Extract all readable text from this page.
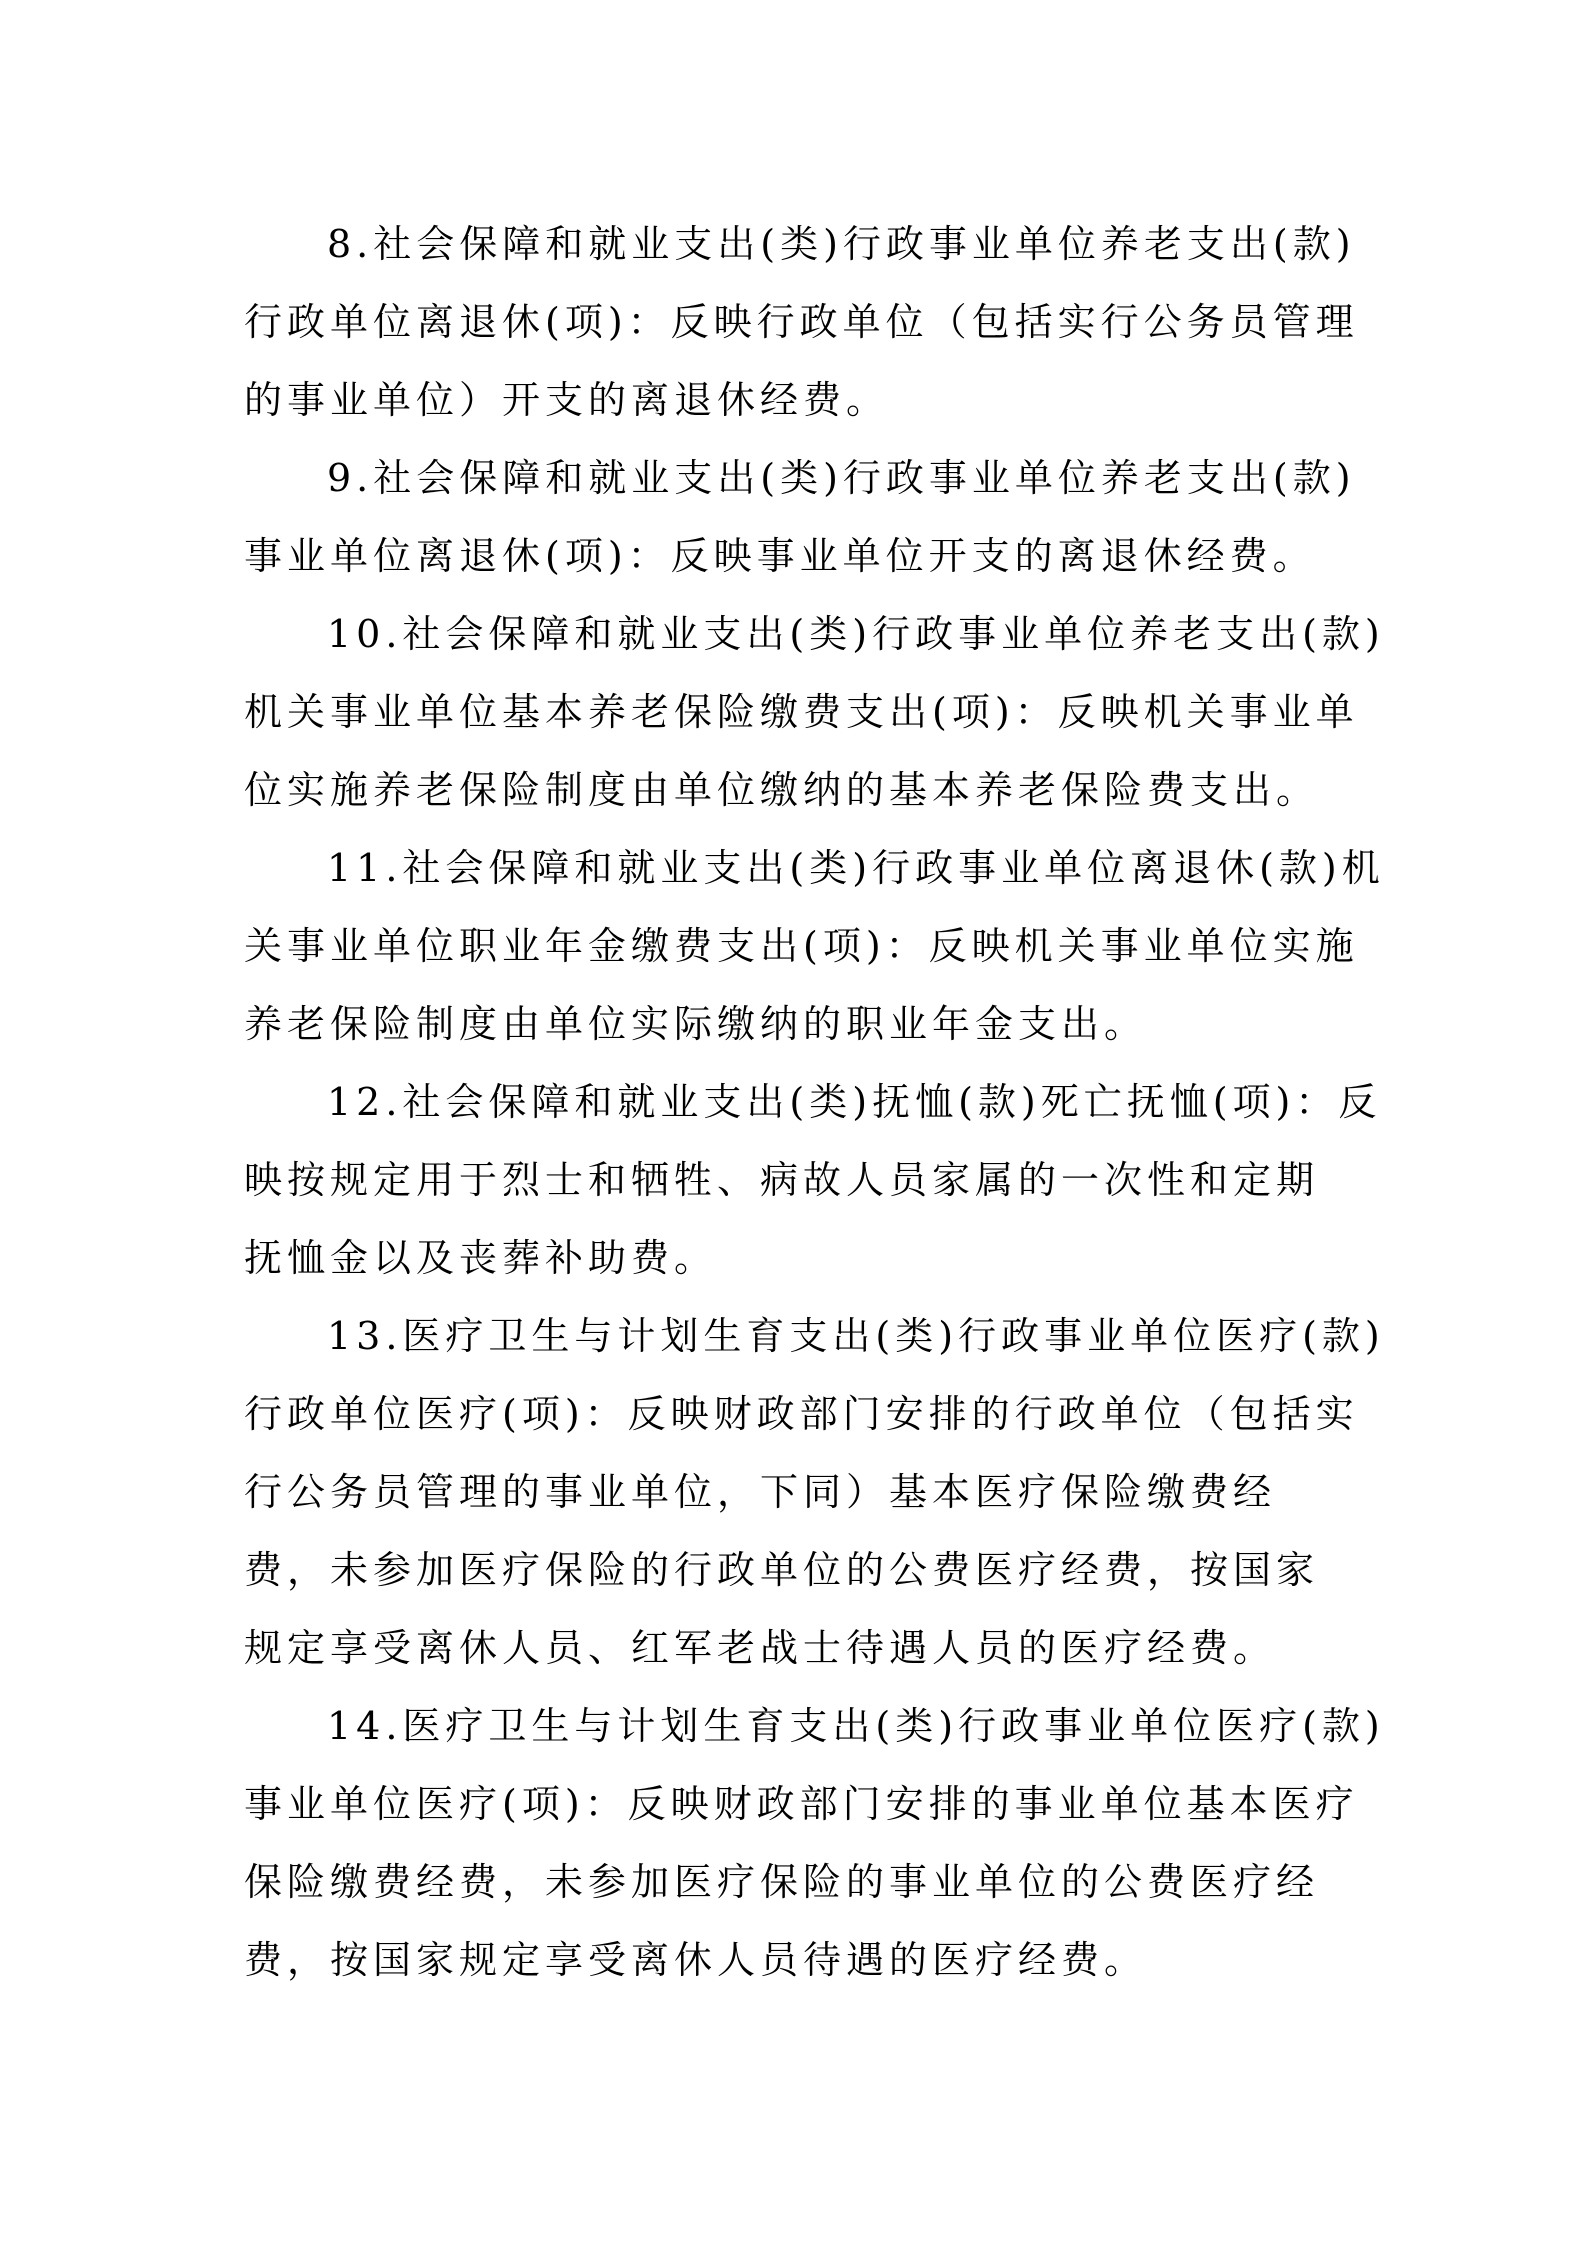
8.社会保障和就业支出(类)行政事业单位养老支出(款)
行政单位离退休(项)：反映行政单位（包括实行公务员管理
的事业单位）开支的离退休经费。
9.社会保障和就业支出(类)行政事业单位养老支出(款)
事业单位离退休(项)：反映事业单位开支的离退休经费。
10.社会保障和就业支出(类)行政事业单位养老支出(款)
机关事业单位基本养老保险缴费支出(项)：反映机关事业单
位实施养老保险制度由单位缴纳的基本养老保险费支出。
11.社会保障和就业支出(类)行政事业单位离退休(款)机
关事业单位职业年金缴费支出(项)：反映机关事业单位实施
养老保险制度由单位实际缴纳的职业年金支出。
12.社会保障和就业支出(类)抚恤(款)死亡抚恤(项)：反
映按规定用于烈士和牺牲、病故人员家属的一次性和定期
抚恤金以及丧葬补助费。
13.医疗卫生与计划生育支出(类)行政事业单位医疗(款)
行政单位医疗(项)：反映财政部门安排的行政单位（包括实
行公务员管理的事业单位，下同）基本医疗保险缴费经
费，未参加医疗保险的行政单位的公费医疗经费，按国家
规定享受离休人员、红军老战士待遇人员的医疗经费。
14.医疗卫生与计划生育支出(类)行政事业单位医疗(款)
事业单位医疗(项)：反映财政部门安排的事业单位基本医疗
保险缴费经费，未参加医疗保险的事业单位的公费医疗经
费，按国家规定享受离休人员待遇的医疗经费。
